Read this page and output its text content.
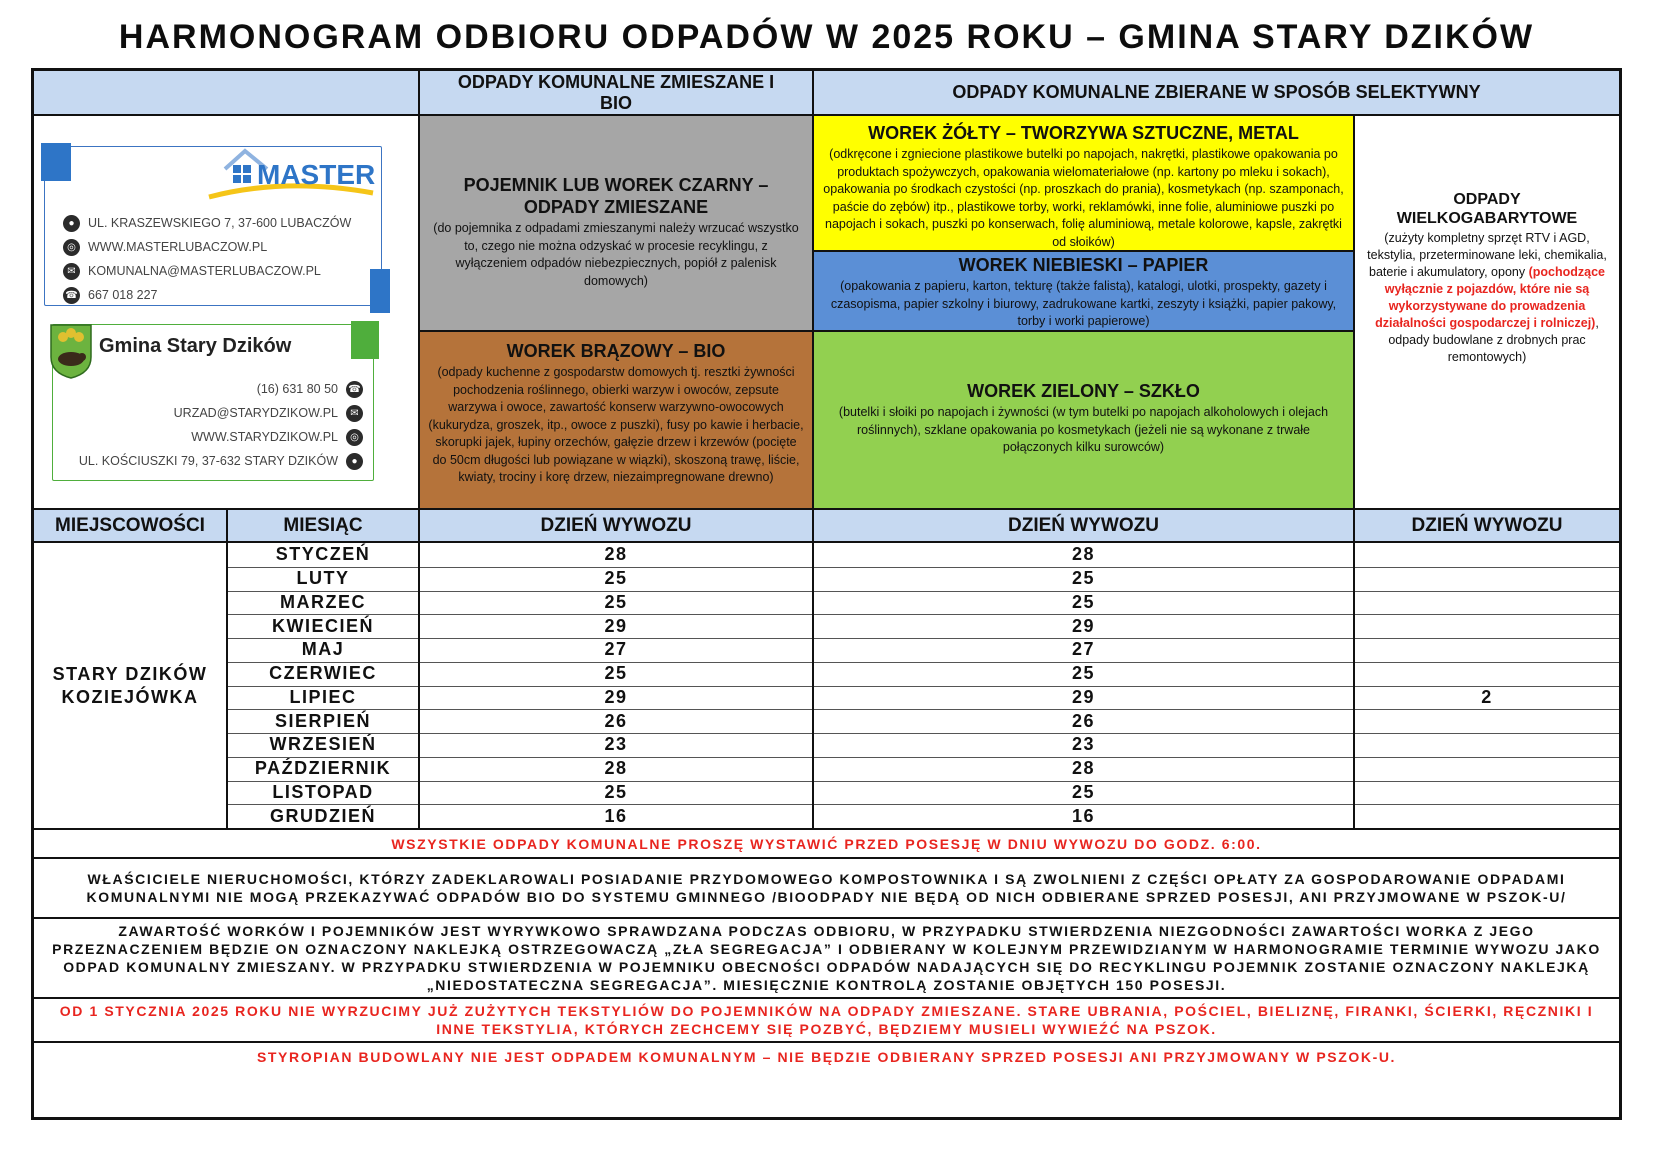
HARMONOGRAM ODBIORU ODPADÓW W 2025 ROKU – GMINA STARY DZIKÓW
ODPADY KOMUNALNE ZMIESZANE I BIO
ODPADY KOMUNALNE ZBIERANE W SPOSÓB SELEKTYWNY
MASTER
●	UL. KRASZEWSKIEGO 7, 37-600 LUBACZÓW
◎ WWW.MASTERLUBACZOW.PL
✉ KOMUNALNA@MASTERLUBACZOW.PL
☎ 667 018 227
Gmina Stary Dzików
(16) 631 80 50 ☎
URZAD@STARYDZIKOW.PL	✉
WWW.STARYDZIKOW.PL	◎
UL. KOŚCIUSZKI 79, 37-632 STARY DZIKÓW	●
POJEMNIK LUB WOREK CZARNY – ODPADY ZMIESZANE
(do pojemnika z odpadami zmieszanymi należy wrzucać wszystko to, czego nie można odzyskać w procesie recyklingu, z wyłączeniem odpadów niebezpiecznych, popiół z palenisk domowych)
WOREK BRĄZOWY – BIO
(odpady kuchenne z gospodarstw domowych tj. resztki żywności pochodzenia roślinnego, obierki warzyw i owoców, zepsute warzywa i owoce, zawartość konserw warzywno-owocowych (kukurydza, groszek, itp., owoce z puszki), fusy po kawie i herbacie, skorupki jajek, łupiny orzechów, gałęzie drzew i krzewów (pocięte do 50cm długości lub powiązane w wiązki), skoszoną trawę, liście, kwiaty, trociny i korę drzew, niezaimpregnowane drewno)
WOREK ŻÓŁTY – TWORZYWA SZTUCZNE, METAL
(odkręcone i zgniecione plastikowe butelki po napojach, nakrętki, plastikowe opakowania po produktach spożywczych, opakowania wielomateriałowe (np. kartony po mleku i sokach), opakowania po środkach czystości (np. proszkach do prania), kosmetykach (np. szamponach, paście do zębów) itp., plastikowe torby, worki, reklamówki, inne folie, aluminiowe puszki po napojach i sokach, puszki po konserwach, folię aluminiową, metale kolorowe, kapsle, zakrętki od słoików)
WOREK NIEBIESKI – PAPIER
(opakowania z papieru, karton, tekturę (także falistą), katalogi, ulotki, prospekty, gazety i czasopisma, papier szkolny i biurowy, zadrukowane kartki, zeszyty i książki, papier pakowy, torby i worki papierowe)
WOREK ZIELONY – SZKŁO
(butelki i słoiki po napojach i żywności (w tym butelki po napojach alkoholowych i olejach roślinnych), szklane opakowania po kosmetykach (jeżeli nie są wykonane z trwałe połączonych kilku surowców)
ODPADY WIELKOGABARYTOWE
(zużyty kompletny sprzęt RTV i AGD, tekstylia, przeterminowane leki, chemikalia, baterie i akumulatory, opony (pochodzące wyłącznie z pojazdów, które nie są wykorzystywane do prowadzenia działalności gospodarczej i rolniczej), odpady budowlane z drobnych prac remontowych)
MIEJSCOWOŚCI	MIESIĄC	DZIEŃ WYWOZU	DZIEŃ WYWOZU	DZIEŃ WYWOZU
STARY DZIKÓW
KOZIEJÓWKA
STYCZEŃ	28	28
LUTY	25	25
MARZEC	25	25
KWIECIEŃ	29	29
MAJ	27	27
CZERWIEC	25	25
LIPIEC	29	29	2
SIERPIEŃ	26	26
WRZESIEŃ	23	23
PAŹDZIERNIK	28	28
LISTOPAD	25	25
GRUDZIEŃ	16	16
WSZYSTKIE ODPADY KOMUNALNE PROSZĘ WYSTAWIĆ PRZED POSESJĘ W DNIU WYWOZU DO GODZ. 6:00.
WŁAŚCICIELE NIERUCHOMOŚCI, KTÓRZY ZADEKLAROWALI POSIADANIE PRZYDOMOWEGO KOMPOSTOWNIKA I SĄ ZWOLNIENI Z CZĘŚCI OPŁATY ZA GOSPODAROWANIE ODPADAMI KOMUNALNYMI NIE MOGĄ PRZEKAZYWAĆ ODPADÓW BIO DO SYSTEMU GMINNEGO /BIOODPADY NIE BĘDĄ OD NICH ODBIERANE SPRZED POSESJI, ANI PRZYJMOWANE W PSZOK-U/
ZAWARTOŚĆ WORKÓW I POJEMNIKÓW JEST WYRYWKOWO SPRAWDZANA PODCZAS ODBIORU, W PRZYPADKU STWIERDZENIA NIEZGODNOŚCI ZAWARTOŚCI WORKA Z JEGO PRZEZNACZENIEM BĘDZIE ON OZNACZONY NAKLEJKĄ OSTRZEGOWACZĄ „ZŁA SEGREGACJA” I ODBIERANY W KOLEJNYM PRZEWIDZIANYM W HARMONOGRAMIE TERMINIE WYWOZU JAKO ODPAD KOMUNALNY ZMIESZANY. W PRZYPADKU STWIERDZENIA W POJEMNIKU OBECNOŚCI ODPADÓW NADAJĄCYCH SIĘ DO RECYKLINGU POJEMNIK ZOSTANIE OZNACZONY NAKLEJKĄ „NIEDOSTATECZNA SEGREGACJA”. MIESIĘCZNIE KONTROLĄ ZOSTANIE OBJĘTYCH 150 POSESJI.
OD 1 STYCZNIA 2025 ROKU NIE WYRZUCIMY JUŻ ZUŻYTYCH TEKSTYLIÓW DO POJEMNIKÓW NA ODPADY ZMIESZANE. STARE UBRANIA, POŚCIEL, BIELIZNĘ, FIRANKI, ŚCIERKI, RĘCZNIKI I INNE TEKSTYLIA, KTÓRYCH ZECHCEMY SIĘ POZBYĆ, BĘDZIEMY MUSIELI WYWIEŹĆ NA PSZOK.
STYROPIAN BUDOWLANY NIE JEST ODPADEM KOMUNALNYM – NIE BĘDZIE ODBIERANY SPRZED POSESJI ANI PRZYJMOWANY W PSZOK-U.
